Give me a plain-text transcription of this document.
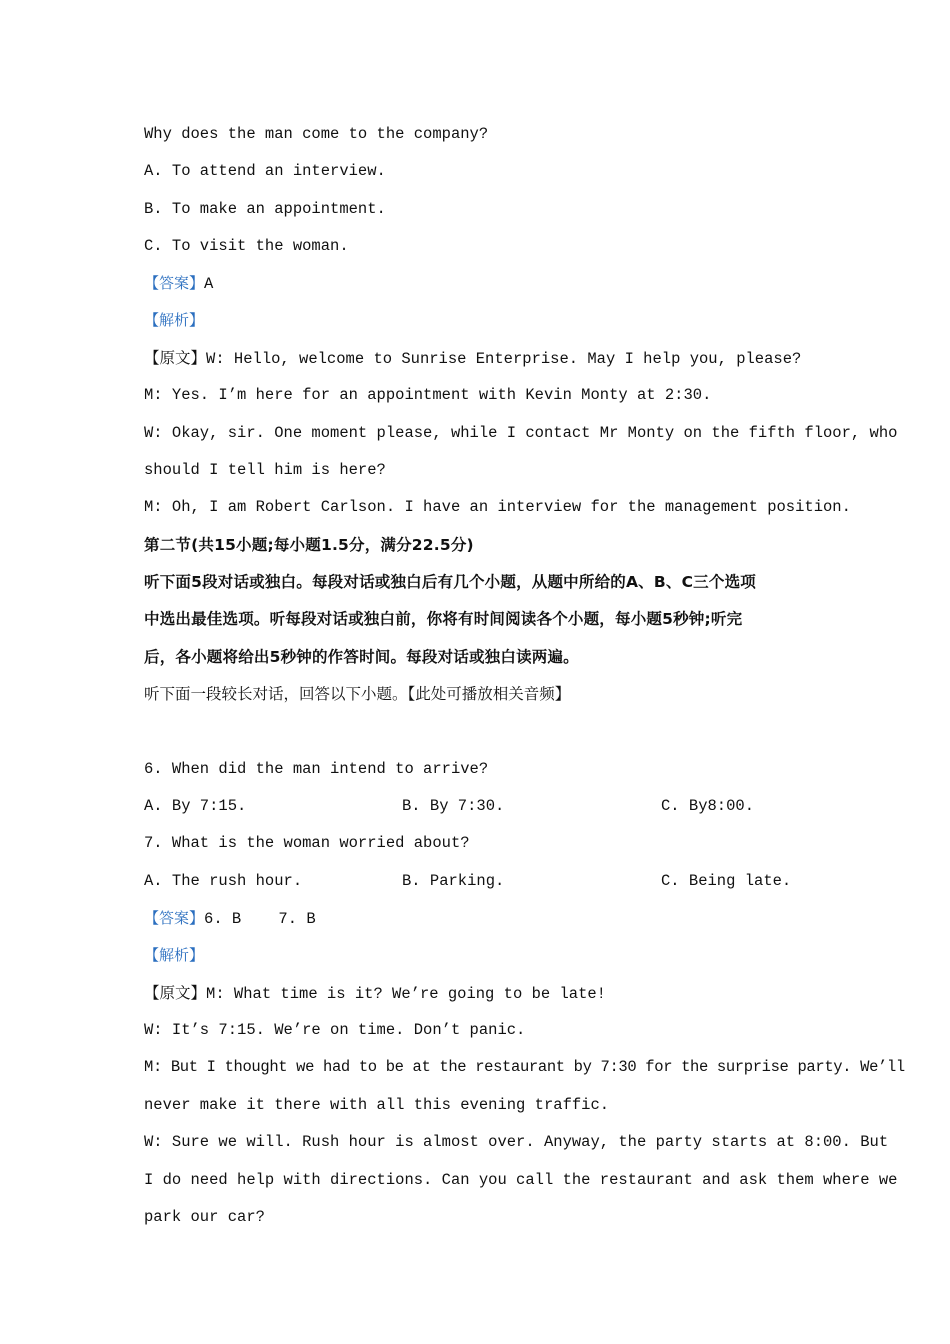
Why does the man come to the company?
A. To attend an interview.
B. To make an appointment.
C. To visit the woman.
【答案】A
【解析】
【原文】W: Hello, welcome to Sunrise Enterprise. May I help you, please?
M: Yes. I’m here for an appointment with Kevin Monty at 2:30.
W: Okay, sir. One moment please, while I contact Mr Monty on the fifth floor, who
should I tell him is here?
M: Oh, I am Robert Carlson. I have an interview for the management position.
第二节(共15小题;每小题1.5分，满分22.5分)
听下面5段对话或独白。每段对话或独白后有几个小题，从题中所给的A、B、C三个选项
中选出最佳选项。听每段对话或独白前，你将有时间阅读各个小题，每小题5秒钟;听完
后，各小题将给出5秒钟的作答时间。每段对话或独白读两遍。
听下面一段较长对话，回答以下小题。【此处可播放相关音频】
6. When did the man intend to arrive?
A. By 7:15.	B. By 7:30.	C. By8:00.
7. What is the woman worried about?
A. The rush hour.	B. Parking.	C. Being late.
【答案】6. B    7. B
【解析】
【原文】M: What time is it? We’re going to be late!
W: It’s 7:15. We’re on time. Don’t panic.
M: But I thought we had to be at the restaurant by 7:30 for the surprise party. We’ll
never make it there with all this evening traffic.
W: Sure we will. Rush hour is almost over. Anyway, the party starts at 8:00. But
I do need help with directions. Can you call the restaurant and ask them where we
park our car?
